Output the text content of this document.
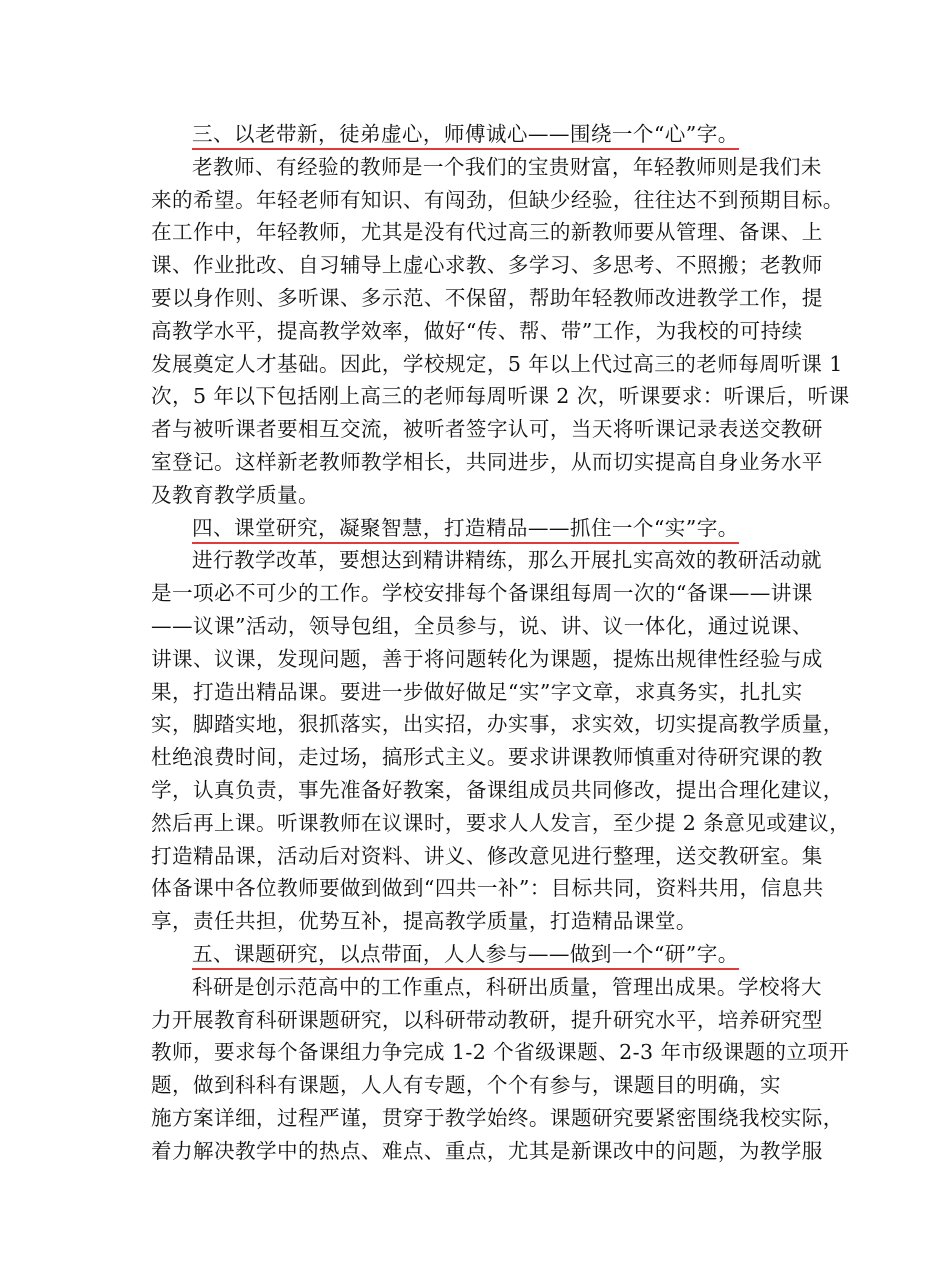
三、以老带新，徒弟虚心，师傅诚心——围绕一个“心”字。
老教师、有经验的教师是一个我们的宝贵财富，年轻教师则是我们未
来的希望。年轻老师有知识、有闯劲，但缺少经验，往往达不到预期目标。
在工作中，年轻教师，尤其是没有代过高三的新教师要从管理、备课、上
课、作业批改、自习辅导上虚心求教、多学习、多思考、不照搬；老教师
要以身作则、多听课、多示范、不保留，帮助年轻教师改进教学工作，提
高教学水平，提高教学效率，做好“传、帮、带”工作，为我校的可持续
发展奠定人才基础。因此，学校规定，5 年以上代过高三的老师每周听课 1
次，5 年以下包括刚上高三的老师每周听课 2 次，听课要求：听课后，听课
者与被听课者要相互交流，被听者签字认可，当天将听课记录表送交教研
室登记。这样新老教师教学相长，共同进步，从而切实提高自身业务水平
及教育教学质量。
四、课堂研究，凝聚智慧，打造精品——抓住一个“实”字。
进行教学改革，要想达到精讲精练，那么开展扎实高效的教研活动就
是一项必不可少的工作。学校安排每个备课组每周一次的“备课——讲课
——议课”活动，领导包组，全员参与，说、讲、议一体化，通过说课、
讲课、议课，发现问题，善于将问题转化为课题，提炼出规律性经验与成
果，打造出精品课。要进一步做好做足“实”字文章，求真务实，扎扎实
实，脚踏实地，狠抓落实，出实招，办实事，求实效，切实提高教学质量，
杜绝浪费时间，走过场，搞形式主义。要求讲课教师慎重对待研究课的教
学，认真负责，事先准备好教案，备课组成员共同修改，提出合理化建议，
然后再上课。听课教师在议课时，要求人人发言，至少提 2 条意见或建议，
打造精品课，活动后对资料、讲义、修改意见进行整理，送交教研室。集
体备课中各位教师要做到做到“四共一补”：目标共同，资料共用，信息共
享，责任共担，优势互补，提高教学质量，打造精品课堂。
五、课题研究，以点带面，人人参与——做到一个“研”字。
科研是创示范高中的工作重点，科研出质量，管理出成果。学校将大
力开展教育科研课题研究，以科研带动教研，提升研究水平，培养研究型
教师，要求每个备课组力争完成 1-2 个省级课题、2-3 年市级课题的立项开
题，做到科科有课题，人人有专题，个个有参与，课题目的明确，实
施方案详细，过程严谨，贯穿于教学始终。课题研究要紧密围绕我校实际，
着力解决教学中的热点、难点、重点，尤其是新课改中的问题，为教学服
